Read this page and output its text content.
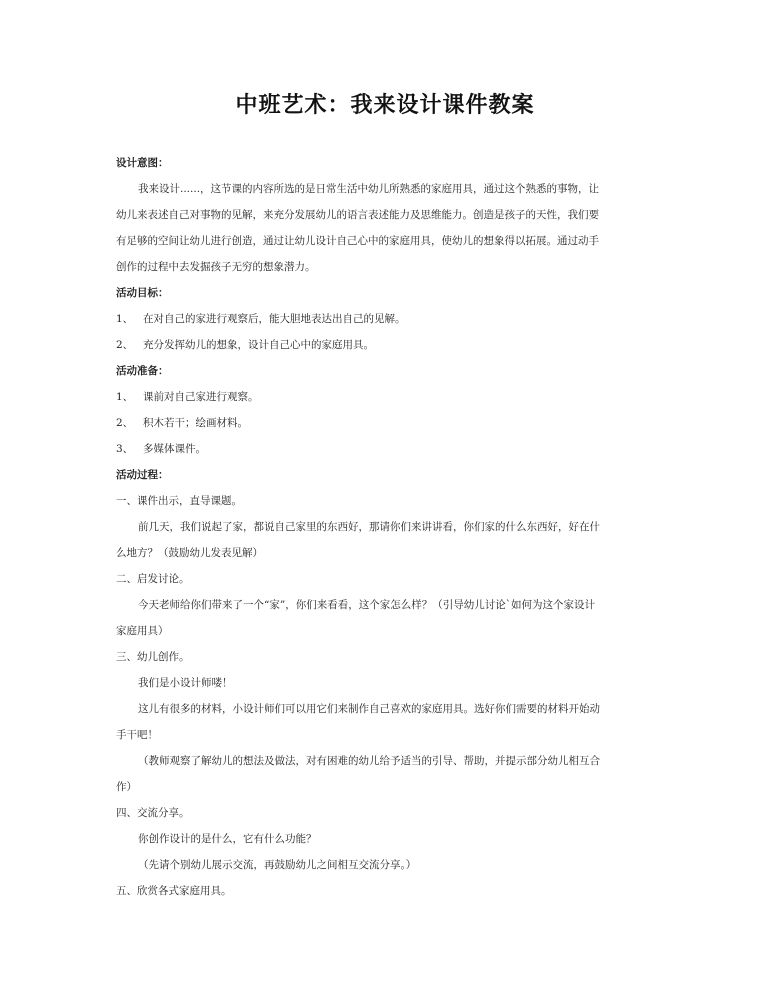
中班艺术：我来设计课件教案
设计意图：
我来设计......，这节课的内容所选的是日常生活中幼儿所熟悉的家庭用具，通过这个熟悉的事物，让
幼儿来表述自己对事物的见解，来充分发展幼儿的语言表述能力及思维能力。创造是孩子的天性，我们要
有足够的空间让幼儿进行创造，通过让幼儿设计自己心中的家庭用具，使幼儿的想象得以拓展。通过动手
创作的过程中去发掘孩子无穷的想象潜力。
活动目标：
1、 在对自己的家进行观察后，能大胆地表达出自己的见解。
2、 充分发挥幼儿的想象，设计自己心中的家庭用具。
活动准备：
1、 课前对自己家进行观察。
2、 积木若干；绘画材料。
3、 多媒体课件。
活动过程：
一、课件出示，直导课题。
前几天，我们说起了家，都说自己家里的东西好，那请你们来讲讲看，你们家的什么东西好，好在什
么地方？（鼓励幼儿发表见解）
二、启发讨论。
今天老师给你们带来了一个“家”，你们来看看，这个家怎么样？（引导幼儿讨论`如何为这个家设计
家庭用具）
三、幼儿创作。
我们是小设计师喽！
这儿有很多的材料，小设计师们可以用它们来制作自己喜欢的家庭用具。选好你们需要的材料开始动
手干吧！
（教师观察了解幼儿的想法及做法，对有困难的幼儿给予适当的引导、帮助，并提示部分幼儿相互合
作）
四、交流分享。
你创作设计的是什么，它有什么功能？
（先请个别幼儿展示交流，再鼓励幼儿之间相互交流分享。）
五、欣赏各式家庭用具。
